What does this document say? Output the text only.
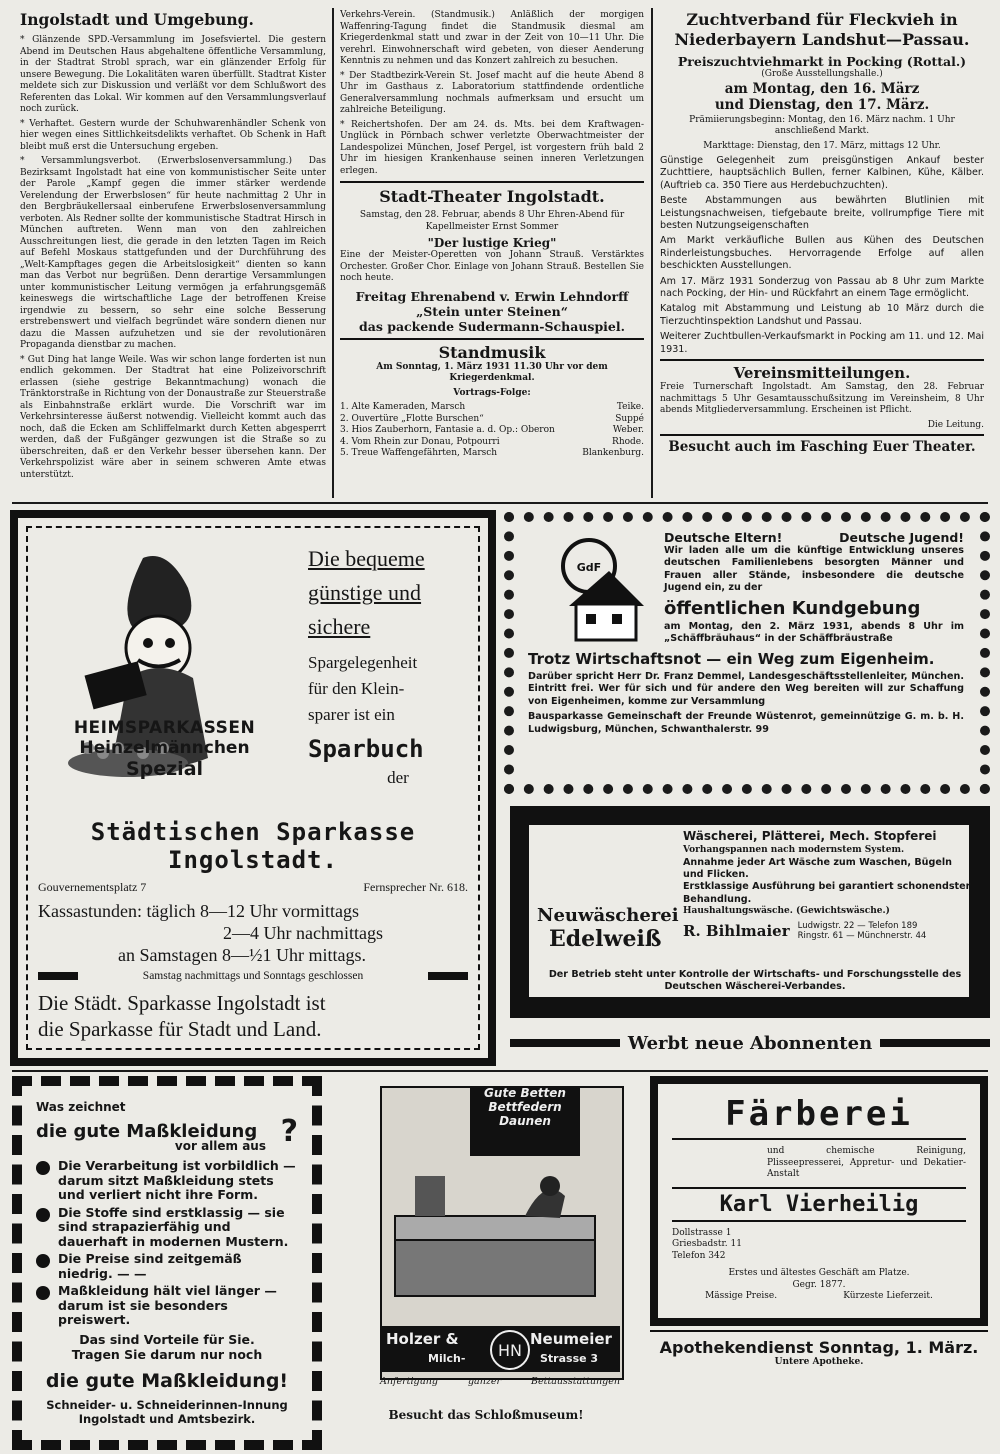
Ingolstadt und Umgebung.

* Glänzende SPD.-Versammlung im Josefsviertel. Die gestern Abend im Deutschen Haus abgehaltene öffentliche Versammlung, in der Stadtrat Strobl sprach, war ein glänzender Erfolg für unsere Bewegung. Die Lokalitäten waren überfüllt. Stadtrat Kister meldete sich zur Diskussion und verläßt vor dem Schlußwort des Referenten das Lokal. Wir kommen auf den Versammlungsverlauf noch zurück.

* Verhaftet. Gestern wurde der Schuhwarenhändler Schenk von hier wegen eines Sittlichkeitsdelikts verhaftet. Ob Schenk in Haft bleibt muß erst die Untersuchung ergeben.

* Versammlungsverbot. (Erwerbslosenversammlung.) Das Bezirksamt Ingolstadt hat eine von kommunistischer Seite unter der Parole „Kampf gegen die immer stärker werdende Verelendung der Erwerbslosen“ für heute nachmittag 2 Uhr in den Bergbräukellersaal einberufene Erwerbslosenversammlung verboten. Als Redner sollte der kommunistische Stadtrat Hirsch in München auftreten. Wenn man von den zahlreichen Ausschreitungen liest, die gerade in den letzten Tagen im Reich auf Befehl Moskaus stattgefunden und der Durchführung des „Welt-Kampftages gegen die Arbeitslosigkeit“ dienten so kann man das Verbot nur begrüßen. Denn derartige Versammlungen unter kommunistischer Leitung vermögen ja erfahrungsgemäß keineswegs die wirtschaftliche Lage der betroffenen Kreise irgendwie zu bessern, so sehr eine solche Besserung erstrebenswert und vielfach begründet wäre sondern dienen nur dazu die Massen aufzuhetzen und sie der revolutionären Propaganda dienstbar zu machen.

* Gut Ding hat lange Weile. Was wir schon lange forderten ist nun endlich gekommen. Der Stadtrat hat eine Polizeivorschrift erlassen (siehe gestrige Bekanntmachung) wonach die Tränktorstraße in Richtung von der Donaustraße zur Steuerstraße als Einbahnstraße erklärt wurde. Die Vorschrift war im Verkehrsinteresse äußerst notwendig. Vielleicht kommt auch das noch, daß die Ecken am Schliffelmarkt durch Ketten abgesperrt werden, daß der Fußgänger gezwungen ist die Straße so zu überschreiten, daß er den Verkehr besser übersehen kann. Der Verkehrspolizist wäre aber in seinem schweren Amte etwas unterstützt.

Verkehrs-Verein. (Standmusik.) Anläßlich der morgigen Waffenring-Tagung findet die Standmusik diesmal am Kriegerdenkmal statt und zwar in der Zeit von 10—11 Uhr. Die verehrl. Einwohnerschaft wird gebeten, von dieser Aenderung Kenntnis zu nehmen und das Konzert zahlreich zu besuchen.

* Der Stadtbezirk-Verein St. Josef macht auf die heute Abend 8 Uhr im Gasthaus z. Laboratorium stattfindende ordentliche Generalversammlung nochmals aufmerksam und ersucht um zahlreiche Beteiligung.

* Reichertshofen. Der am 24. ds. Mts. bei dem Kraftwagen-Unglück in Pörnbach schwer verletzte Oberwachtmeister der Landespolizei München, Josef Pergel, ist vorgestern früh bald 2 Uhr im hiesigen Krankenhause seinen inneren Verletzungen erlegen.

Stadt-Theater Ingolstadt.

Samstag, den 28. Februar, abends 8 Uhr Ehren-Abend für Kapellmeister Ernst Sommer

"Der lustige Krieg"

Eine der Meister-Operetten von Johann Strauß. Verstärktes Orchester. Großer Chor. Einlage von Johann Strauß. Bestellen Sie noch heute.

Freitag Ehrenabend v. Erwin Lehndorff
„Stein unter Steinen“
das packende Sudermann-Schauspiel.
Standmusik

Am Sonntag, 1. März 1931 11.30 Uhr vor dem Kriegerdenkmal.

Vortrags-Folge:
1. Alte Kameraden, Marsch	Teike.
2. Ouvertüre „Flotte Burschen“	Suppé
3. Hios Zauberhorn, Fantasie a. d. Op.: Oberon	Weber.
4. Vom Rhein zur Donau, Potpourri	Rhode.
5. Treue Waffengefährten, Marsch	Blankenburg.
Zuchtverband für Fleckvieh in
Niederbayern Landshut—Passau.
Preiszuchtviehmarkt in Pocking (Rottal.)
(Große Ausstellungshalle.)
am Montag, den 16. März
und Dienstag, den 17. März.

Prämiierungsbeginn: Montag, den 16. März nachm. 1 Uhr anschließend Markt.

Markttage: Dienstag, den 17. März, mittags 12 Uhr.

Günstige Gelegenheit zum preisgünstigen Ankauf bester Zuchttiere, hauptsächlich Bullen, ferner Kalbinen, Kühe, Kälber. (Auftrieb ca. 350 Tiere aus Herdebuchzuchten).

Beste Abstammungen aus bewährten Blutlinien mit Leistungsnachweisen, tiefgebaute breite, vollrumpfige Tiere mit besten Nutzungseigenschaften

Am Markt verkäufliche Bullen aus Kühen des Deutschen Rinderleistungsbuches. Hervorragende Erfolge auf allen beschickten Ausstellungen.

Am 17. März 1931 Sonderzug von Passau ab 8 Uhr zum Markte nach Pocking, der Hin- und Rückfahrt an einem Tage ermöglicht.

Katalog mit Abstammung und Leistung ab 10 März durch die Tierzuchtinspektion Landshut und Passau.

Weiterer Zuchtbullen-Verkaufsmarkt in Pocking am 11. und 12. Mai 1931.

Vereinsmitteilungen.

Freie Turnerschaft Ingolstadt. Am Samstag, den 28. Februar nachmittags 5 Uhr Gesamtausschußsitzung im Vereinsheim, 8 Uhr abends Mitgliederversammlung. Erscheinen ist Pflicht.

Die Leitung.

Besucht auch im Fasching Euer Theater.
HEIMSPARKASSEN
Heinzelmännchen
Spezial
Die bequeme
günstige und
sichere
Spargelegenheit
für den Klein-
sparer ist ein
Sparbuch
der
Städtischen Sparkasse
Ingolstadt.
Gouvernementsplatz 7	Fernsprecher Nr. 618.
Kassastunden: täglich 8—12 Uhr vormittags
2—4 Uhr nachmittags
an Samstagen 8—½1 Uhr mittags.
Samstag nachmittags und Sonntags geschlossen
Die Städt. Sparkasse Ingolstadt ist
die Sparkasse für Stadt und Land.
GdF
Deutsche Eltern!	Deutsche Jugend!

Wir laden alle um die künftige Entwicklung unseres deutschen Familienlebens besorgten Männer und Frauen aller Stände, insbesondere die deutsche Jugend ein, zu der

öffentlichen Kundgebung

am Montag, den 2. März 1931, abends 8 Uhr im „Schäffbräuhaus“ in der Schäffbräustraße

Trotz Wirtschaftsnot — ein Weg zum Eigenheim.

Darüber spricht Herr Dr. Franz Demmel, Landesgeschäftsstellenleiter, München. Eintritt frei. Wer für sich und für andere den Weg bereiten will zur Schaffung von Eigenheimen, komme zur Versammlung

Bausparkasse Gemeinschaft der Freunde Wüstenrot, gemeinnützige G. m. b. H. Ludwigsburg, München, Schwanthalerstr. 99

Neuwäscherei
Edelweiß
Wäscherei, Plätterei, Mech. Stopferei
Vorhangspannen nach modernstem System.
Annahme jeder Art Wäsche zum Waschen, Bügeln und Flicken.
Erstklassige Ausführung bei garantiert schonendster Behandlung.
Haushaltungswäsche. (Gewichtswäsche.)
R. Bihlmaier Ludwigstr. 22 — Telefon 189
Ringstr. 61 — Münchnerstr. 44
Der Betrieb steht unter Kontrolle der Wirtschafts- und Forschungsstelle des Deutschen Wäscherei-Verbandes.
Werbt neue Abonnenten
Was zeichnet
die gute Maßkleidung ?
vor allem aus
Die Verarbeitung ist vorbildlich — darum sitzt Maßkleidung stets und verliert nicht ihre Form.
Die Stoffe sind erstklassig — sie sind strapazierfähig und dauerhaft in modernen Mustern.
Die Preise sind zeitgemäß niedrig. — —
Maßkleidung hält viel länger — darum ist sie besonders preiswert.
Das sind Vorteile für Sie.
Tragen Sie darum nur noch
die gute Maßkleidung!
Schneider- u. Schneiderinnen-Innung
Ingolstadt und Amtsbezirk.
Gute Betten
Bettfedern
Daunen
Holzer &	Neumeier
Milch-	Strasse 3
HN
Anfertigung	ganzer	Bettausstattungen
Besucht das Schloßmuseum!
Färberei

und chemische Reinigung, Plisseepresserei, Appretur- und Dekatier-Anstalt

Karl Vierheilig
Dollstrasse 1
Griesbadstr. 11
Telefon 342
Erstes und ältestes Geschäft am Platze.
Gegr. 1877.
Mässige Preise.	Kürzeste Lieferzeit.
Apothekendienst Sonntag, 1. März.
Untere Apotheke.
